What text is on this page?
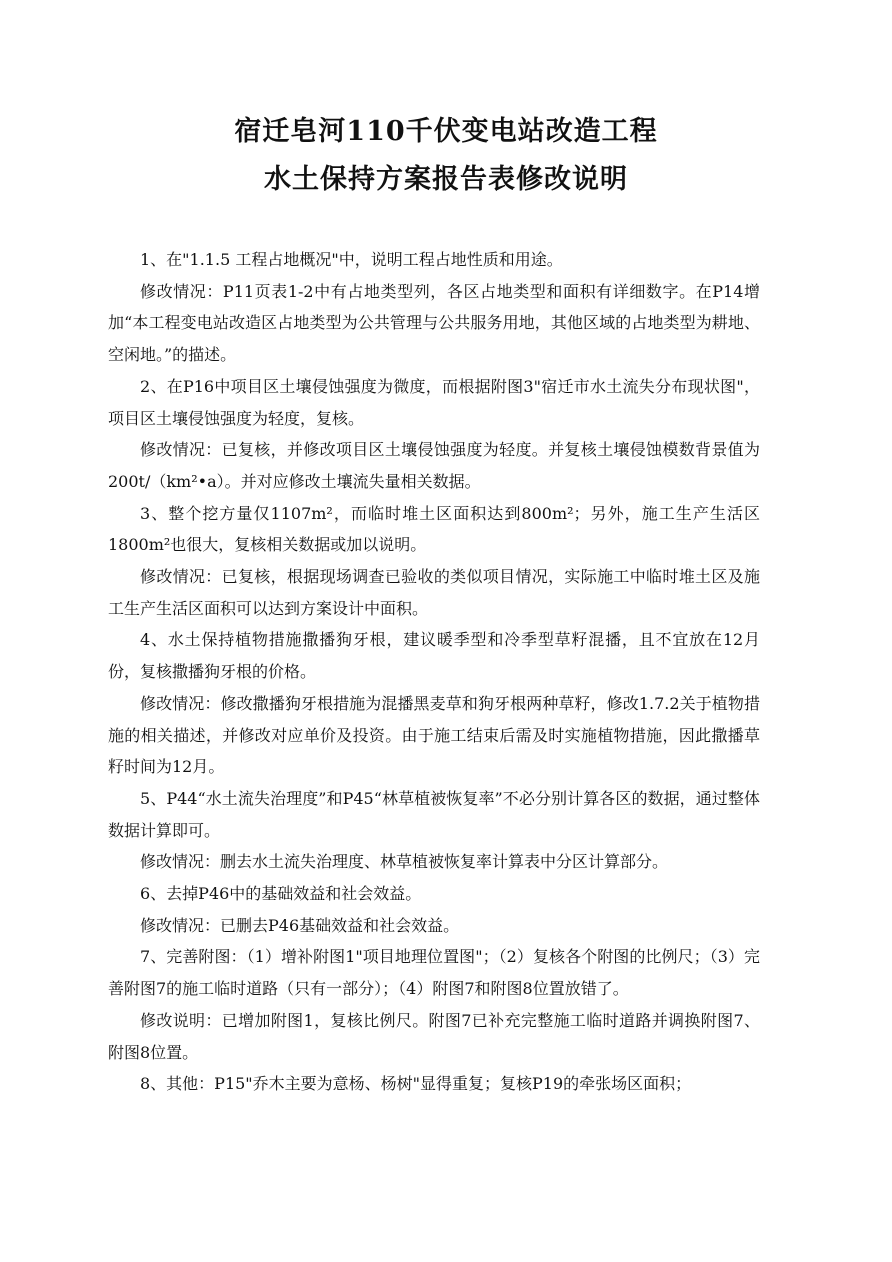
宿迁皂河110千伏变电站改造工程
水土保持方案报告表修改说明

1、在"1.1.5 工程占地概况"中，说明工程占地性质和用途。

修改情况：P11页表1-2中有占地类型列，各区占地类型和面积有详细数字。在P14增加“本工程变电站改造区占地类型为公共管理与公共服务用地，其他区域的占地类型为耕地、空闲地。”的描述。

2、在P16中项目区土壤侵蚀强度为微度，而根据附图3"宿迁市水土流失分布现状图"，项目区土壤侵蚀强度为轻度，复核。

修改情况：已复核，并修改项目区土壤侵蚀强度为轻度。并复核土壤侵蚀模数背景值为200t/（km²•a）。并对应修改土壤流失量相关数据。

3、整个挖方量仅1107m²，而临时堆土区面积达到800m²；另外，施工生产生活区1800m²也很大，复核相关数据或加以说明。

修改情况：已复核，根据现场调查已验收的类似项目情况，实际施工中临时堆土区及施工生产生活区面积可以达到方案设计中面积。

4、水土保持植物措施撒播狗牙根，建议暖季型和冷季型草籽混播，且不宜放在12月份，复核撒播狗牙根的价格。

修改情况：修改撒播狗牙根措施为混播黑麦草和狗牙根两种草籽，修改1.7.2关于植物措施的相关描述，并修改对应单价及投资。由于施工结束后需及时实施植物措施，因此撒播草籽时间为12月。

5、P44“水土流失治理度”和P45“林草植被恢复率”不必分别计算各区的数据，通过整体数据计算即可。

修改情况：删去水土流失治理度、林草植被恢复率计算表中分区计算部分。

6、去掉P46中的基础效益和社会效益。

修改情况：已删去P46基础效益和社会效益。

7、完善附图：（1）增补附图1"项目地理位置图"；（2）复核各个附图的比例尺；（3）完善附图7的施工临时道路（只有一部分）；（4）附图7和附图8位置放错了。

修改说明：已增加附图1，复核比例尺。附图7已补充完整施工临时道路并调换附图7、附图8位置。

8、其他：P15"乔木主要为意杨、杨树"显得重复；复核P19的牵张场区面积；
